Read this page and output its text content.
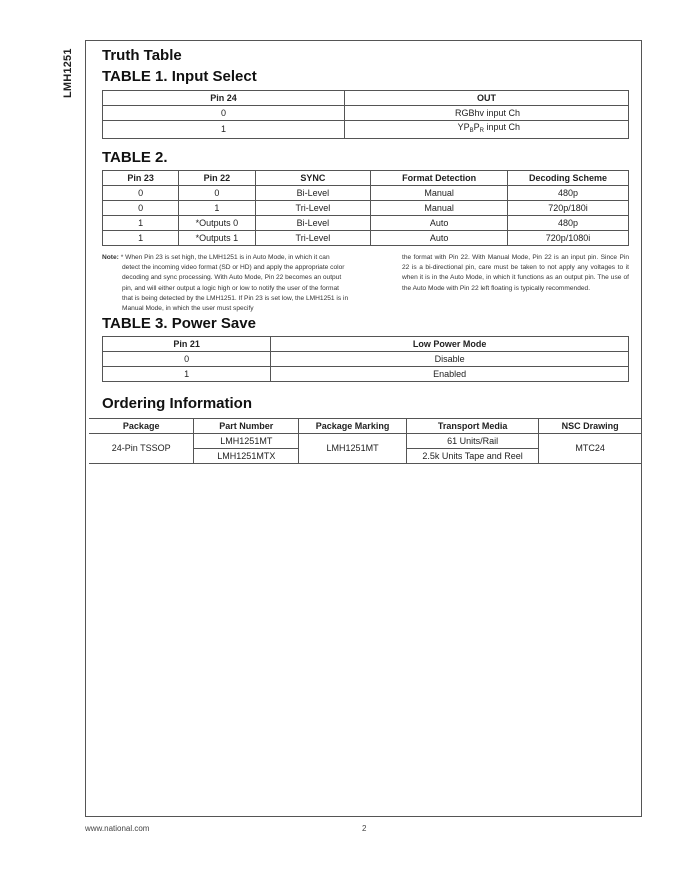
LMH1251 Truth Table
TABLE 1. Input Select
Pin 24	OUT
0	RGBhv input Ch
1	$YP_BP_R$ input Ch
TABLE 2.
Pin 23	Pin 22	SYNC	Format Detection	Decoding Scheme
0	0	Bi-Level	Manual	480p
0	1	Tri-Level	Manual	720p/180i
1	*Outputs 0	Bi-Level	Auto	480p
1	*Outputs 1	Tri-Level	Auto	720p/1080i
Note: * When Pin 23 is set high, the LMH1251 is in Auto Mode, in which it can
detect the incoming video format (SD or HD) and apply the appropriate color decoding and sync processing. With Auto Mode, Pin 22 becomes an output pin, and will either output a logic high or low to notify the user of the format that is being detected by the LMH1251. If Pin 23 is set low, the LMH1251 is in Manual Mode, in which the user must specify
the format with Pin 22. With Manual Mode, Pin 22 is an input pin. Since Pin 22 is a bi-directional pin, care must be taken to not apply any voltages to it when it is in the Auto Mode, in which it functions as an output pin. The use of the Auto Mode with Pin 22 left floating is typically recommended.
TABLE 3. Power Save
Pin 21	Low Power Mode
0	Disable
1	Enabled
Ordering Information
Package	Part Number	Package Marking	Transport Media	NSC Drawing
24-Pin TSSOP	LMH1251MT	LMH1251MT	61 Units/Rail	MTC24
	LMH1251MTX		2.5k Units Tape and Reel	
www.national.com	2
